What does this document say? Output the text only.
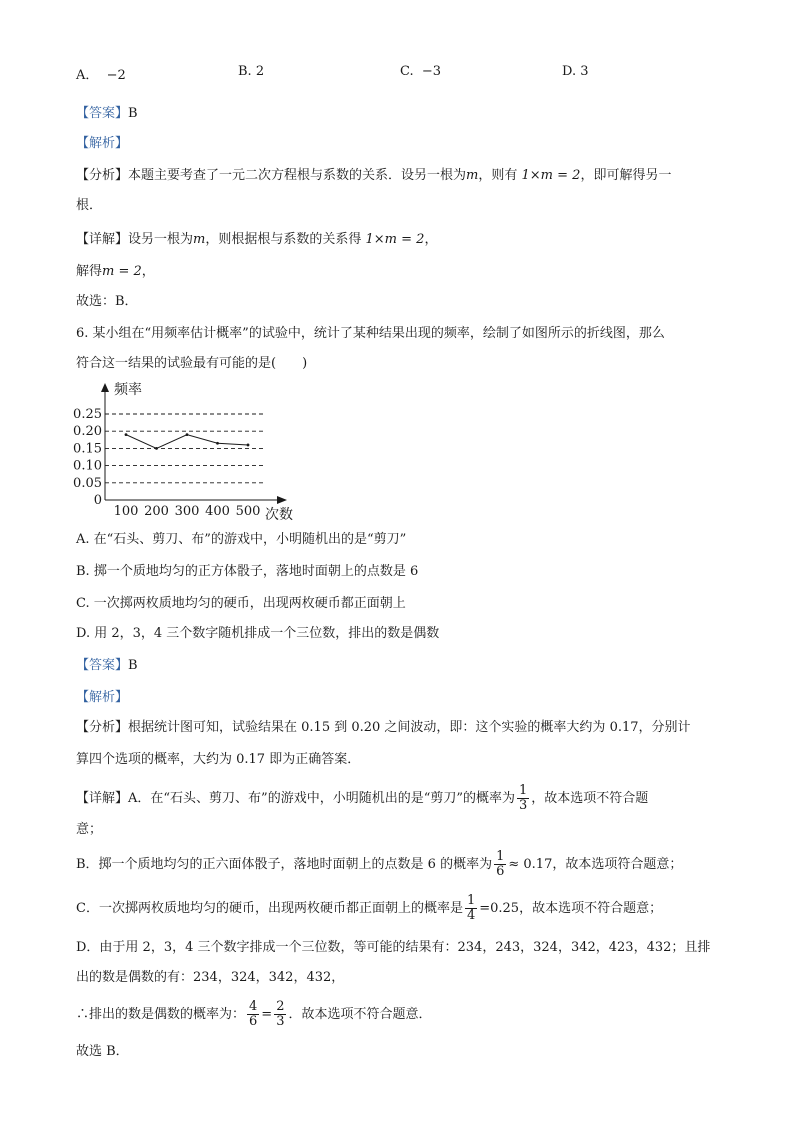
A． −2	B. 2	C. −3	D. 3
【答案】B
【解析】
【分析】本题主要考查了一元二次方程根与系数的关系．设另一根为m，则有 1×m = 2，即可解得另一
根．
【详解】设另一根为m，则根据根与系数的关系得 1×m = 2，
解得m = 2，
故选：B．
6. 某小组在“用频率估计概率”的试验中，统计了某种结果出现的频率，绘制了如图所示的折线图，那么
符合这一结果的试验最有可能的是(　　)
0.25
0.20
0.15
0.10
0.05
0
100 200 300 400 500
频率
次数
A. 在“石头、剪刀、布”的游戏中，小明随机出的是“剪刀”
B. 掷一个质地均匀的正方体骰子，落地时面朝上的点数是 6
C. 一次掷两枚质地均匀的硬币，出现两枚硬币都正面朝上
D. 用 2，3，4 三个数字随机排成一个三位数，排出的数是偶数
【答案】B
【解析】
【分析】根据统计图可知，试验结果在 0.15 到 0.20 之间波动，即：这个实验的概率大约为 0.17，分别计
算四个选项的概率，大约为 0.17 即为正确答案．
【详解】A．在“石头、剪刀、布”的游戏中，小明随机出的是“剪刀”的概率为 $\frac{1}{3}$ ，故本选项不符合题
意；
B．掷一个质地均匀的正六面体骰子，落地时面朝上的点数是 6 的概率为 $\frac{1}{6} \approx 0.17$，故本选项符合题意；
C．一次掷两枚质地均匀的硬币，出现两枚硬币都正面朝上的概率是 $\frac{1}{4} =0.25$，故本选项不符合题意；
D．由于用 2，3，4 三个数字排成一个三位数，等可能的结果有：234，243，324，342，423，432；且排
出的数是偶数的有：234，324，342，432，
∴排出的数是偶数的概率为： $\frac{4}{6} = \frac{2}{3}$ ．故本选项不符合题意．
故选 B．
